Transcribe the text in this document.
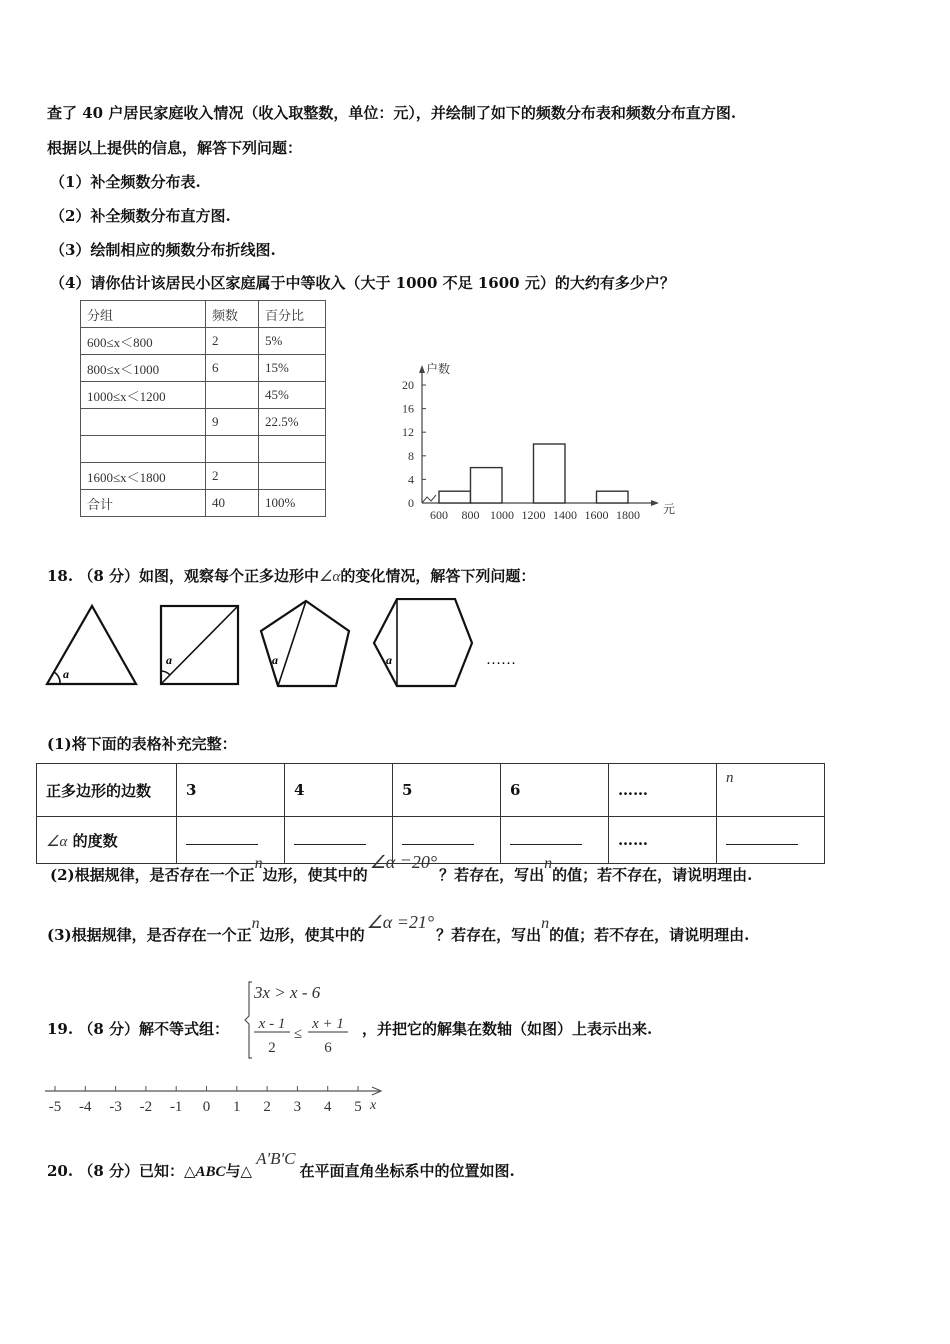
查了 40 户居民家庭收入情况（收入取整数，单位：元），并绘制了如下的频数分布表和频数分布直方图.
根据以上提供的信息，解答下列问题：
（1）补全频数分布表.
（2）补全频数分布直方图.
（3）绘制相应的频数分布折线图.
（4）请你估计该居民小区家庭属于中等收入（大于 1000 不足 1600 元）的大约有多少户？
分组	频数	百分比
600≤x＜800	2	5%
800≤x＜1000	6	15%
1000≤x＜1200		45%
	9	22.5%

1600≤x＜1800	2	
合计	40	100%	0
4
8
12
16
20
户数
600 800 1000 1200 1400 1600 1800 元
18. （8 分）如图，观察每个正多边形中∠α的变化情况，解答下列问题：
a
a	a	a	……
(1)将下面的表格补充完整：
正多边形的边数	3	4	5	6	……	n
∠α 的度数					……	
(2)根据规律，是否存在一个正n边形，使其中的∠α =20°？若存在，写出n的值；若不存在，请说明理由.
(3)根据规律，是否存在一个正n边形，使其中的∠α =21°？若存在，写出n的值；若不存在，请说明理由.
19. （8 分）解不等式组：
3x > x - 6
x - 1
2
≤
x + 1
6
，并把它的解集在数轴（如图）上表示出来.
-5 -4 -3 -2 -1 0 1 2 3 4 5 x
20. （8 分）已知：△ABC与△A'B'C在平面直角坐标系中的位置如图.
